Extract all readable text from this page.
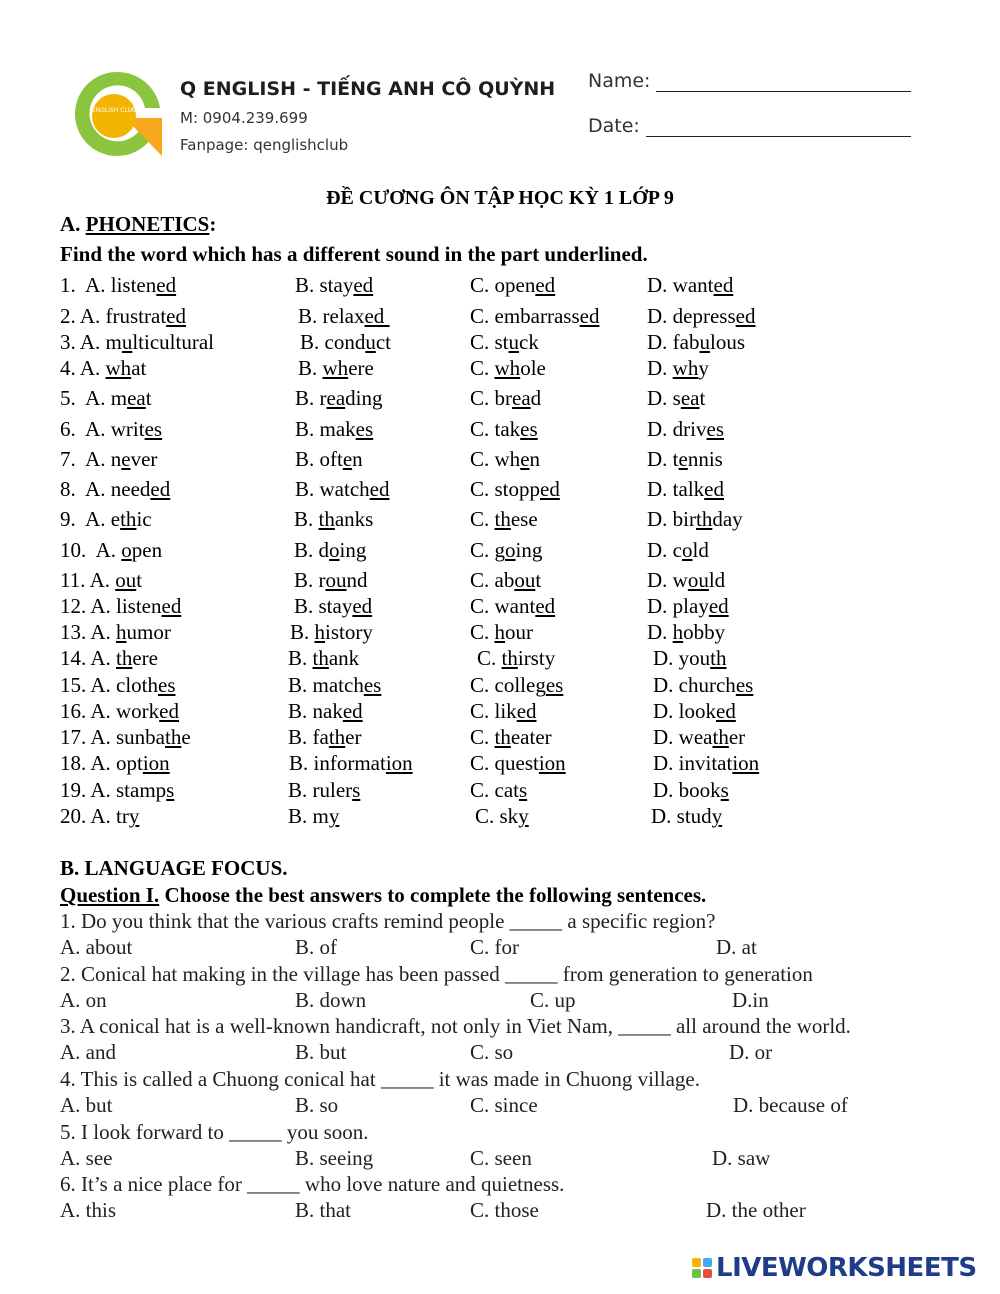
ENGLISH CLUB
Q ENGLISH - TIẾNG ANH CÔ QUỲNH
M: 0904.239.699
Fanpage: qenglishclub
Name:
Date:
ĐỀ CƯƠNG ÔN TẬP HỌC KỲ 1 LỚP 9
A. PHONETICS:
Find the word which has a different sound in the part underlined.
1.  A. listened	B. stayed	C. opened	D. wanted
2. A. frustrated	B. relaxed	C. embarrassed D. depressed
3. A. multicultural	B. conduct	C. stuck	D. fabulous
4. A. what	B. where	C. whole	D. why
5.  A. meat	B. reading	C. bread	D. seat
6.  A. writes	B. makes	C. takes	D. drives
7.  A. never	B. often	C. when	D. tennis
8.  A. needed	B. watched	C. stopped	D. talked
9.  A. ethic	B. thanks	C. these	D. birthday
10.  A. open	B. doing	C. going	D. cold
11. A. out	B. round	C. about	D. would
12. A. listened	B. stayed	C. wanted	D. played
13. A. humor	B. history	C. hour	D. hobby
14. A. there	B. thank	C. thirsty	D. youth
15. A. clothes	B. matches	C. colleges	D. churches
16. A. worked	B. naked	C. liked	D. looked
17. A. sunbathe	B. father	C. theater	D. weather
18. A. option	B. information	C. question	D. invitation
19. A. stamps	B. rulers	C. cats	D. books
20. A. try	B. my	C. sky	D. study
B. LANGUAGE FOCUS.
Question I. Choose the best answers to complete the following sentences.
1. Do you think that the various crafts remind people _____ a specific region?
A. about	B. of	C. for	D. at
2. Conical hat making in the village has been passed _____ from generation to generation
A. on	B. down	C. up	D.in
3. A conical hat is a well-known handicraft, not only in Viet Nam, _____ all around the world.
A. and	B. but	C. so	D. or
4. This is called a Chuong conical hat _____ it was made in Chuong village.
A. but	B. so	C. since	D. because of
5. I look forward to _____ you soon.
A. see	B. seeing	C. seen	D. saw
6. It’s a nice place for _____ who love nature and quietness.
A. this	B. that	C. those	D. the other
LIVEWORKSHEETS
